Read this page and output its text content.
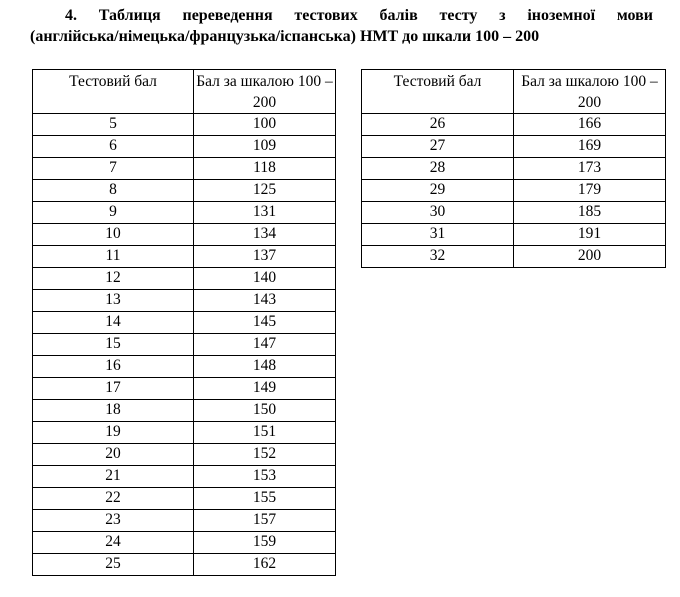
4. Таблиця переведення тестових балів тесту з іноземної мови
(англійська/німецька/французька/іспанська) НМТ до шкали 100 – 200
Тестовий бал	Бал за шкалою 100 – 200
5	100
6	109
7	118
8	125
9	131
10	134
11	137
12	140
13	143
14	145
15	147
16	148
17	149
18	150
19	151
20	152
21	153
22	155
23	157
24	159
25	162
Тестовий бал	Бал за шкалою 100 – 200
26	166
27	169
28	173
29	179
30	185
31	191
32	200
